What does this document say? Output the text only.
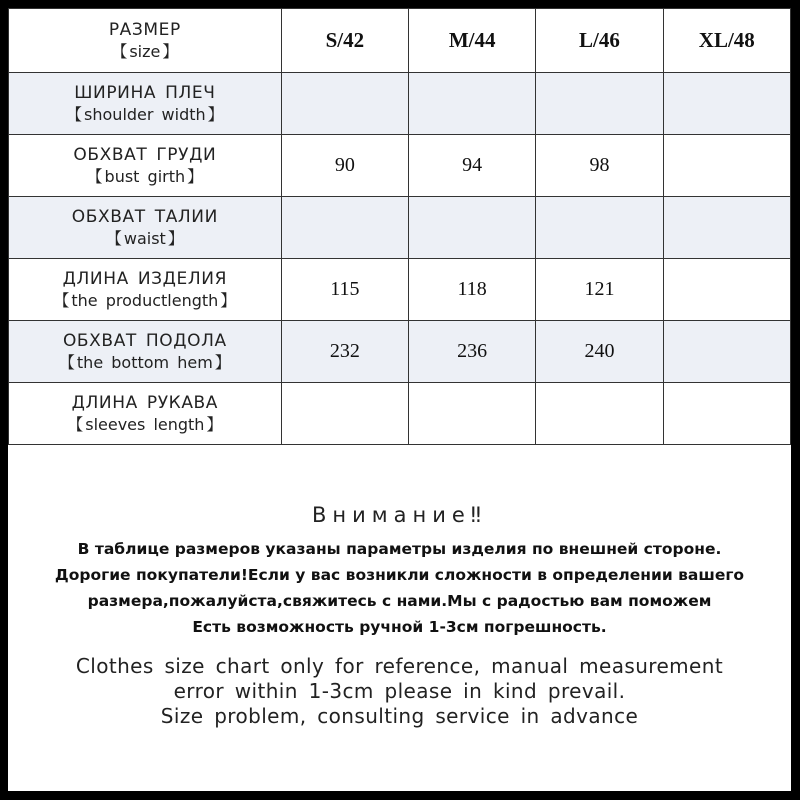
РАЗМЕР
【 size 】	S/42	M/44	L/46	XL/48

ШИРИНА ПЛЕЧ
【 shoulder width 】				

ОБХВАТ ГРУДИ
【 bust girth 】	90	94	98	

ОБХВАТ ТАЛИИ
【 waist 】				

ДЛИНА ИЗДЕЛИЯ
【 the productlength 】	115	118	121	

ОБХВАТ ПОДОЛА
【 the bottom hem 】	232	236	240	

ДЛИНА РУКАВА
【 sleeves length 】				

Внимание‼
В таблице размеров указаны параметры изделия по внешней стороне.
Дорогие покупатели!Если у вас возникли сложности в определении вашего
размера,пожалуйста,свяжитесь с нами.Мы с радостью вам поможем
Есть возможность ручной 1-3см погрешность.
Clothes size chart only for reference, manual measurement
error within 1-3cm please in kind prevail.
Size problem, consulting service in advance
